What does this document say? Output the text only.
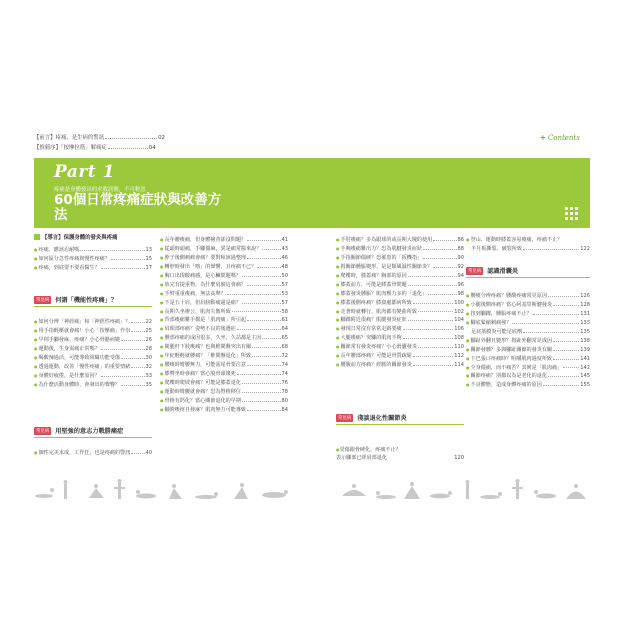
【前言】疼痛，是生病的警訊	02
【推薦序】「按摩拉筋」解痛症	04
+ Contents
Part 1
疼痛是身體發出的求救訊號，不可輕忽
60個日常疼痛症狀與改善方法
【導言】保護身體的發炎與疼痛
● 疼痛，應該忍耐嗎	13
● 如何區分急性疼痛與慢性疼痛？	15
● 疼痛，到底要不要看醫生？	17
常見病 何謂「機能性疼痛」？
● 如何分辨「神經痛」和「神經性疼痛」？	22
● 用手指輕壓就會痛！小心「按壓痛」作祟	25
● 早則手腳發麻，疼痛？小心骨骼病變	26
● 運動後，生身需痛正常嗎？	28
● 喝酸辣過活，可能導致組織功能受傷	30
● 透過運動，改善「慢性疼痛」的重要情緒	32
● 身體好疲倦，是什麼原因？	33
● 為什麼活動身體時，會發出的聲響？	35
常見病 用堅強的意志力戰勝痛症
● 個性完美求成，工作狂，也是疼痛的警訊	40
● 長年腰痠痛，但身體檢查卻沒問題？	41
● 從頭時頭痛，手腳僵麻，異是痛常醫來說？	43
● 脖子後側刺痛會痛？要對和該過整理	46
● 轉脖時發出「喀」的聲響，且疼痛不已？	48
● 胸口出現酸痛感，是心臟問題嗎？	50
● 放完有提重物，為什麼肩膀這會痛？	57
● 手臂重重痠痛，無法高舉？	53
● 不是五十肩，但肩膀動痛還是痛？	57
● 長期久坐辦公，肌肉失衡所致	58
● 背部痠痛難手都是「肌肉痛」所引起	61
● 肩頸部疼痛？姿勢不良的後遺症	64
● 腰部疼痛的成因很多，久坐、久站都是主因	65
● 間腿杆下肢痠痛？也與椎間盤突出有關	68
● 年紀輕輕就腰痛？「椎間盤退化」所致	72
● 腰痠時彎腰無力，可能需尾骨要注意	74
● 膝臀坐時會痛？當心股骨頭壞死	74
● 爬樓時爬坡會痛？可能是膝蓋退化	76
● 運動時彎腰就會痛？恐為脊椎移位	78
● 骨椎有鈣化？當心關節退化的早期	80
● 腳胯痠疼且發麻？肌肉無力可能導致	84
● 手肘痠痛？多為跟球的或長期大塊的使用	86
● 手腕痠痛難出力？恐為肌腱發炎症狀	88
● 手指關節僵硬？恐罹患的「扳機指」	90
● 拇關節腫脹變形，是是類風濕性關節炎？	92
● 爬樓時，膝蓋痛？胸部的原因	94
● 膝蓋前方，可能是膝蓋骨問題	96
● 膝蓋發炎腫脹？肌肉壓力多的「退化」	98
● 膝蓋後側疼痛？膝窩處都病所致	100
● 走著時就轉行，肌肉都有變曲所致	102
● 腳踝附近很痛？肌腱發炎症狀	104
● 發現日常沒有常常走路要痛	106
● 大腿痠痛？突腳的肌肉不夠	108
● 關節常有發炎疼痛？小心滑囊發炎	110
● 長年腰部疼痛？可能是骨質疏鬆	112
● 腰腹前方疼痛？經脈的關節發炎	114
常見病 淺談退化性關節炎

●受傷跟骨硬化，疼痛不止？
表示腳部已經肩部退化	120

● 登山、運動時膝蓋容易痠痛，疼痛不止？
半月板撕裂、破裂所致	122
常見病 認識滑囊炎
● 腰痠分辨疼痛？腰酸疼痛常見原因	126
● 小腿後側疼痛？當心阿基里斯腱發炎	128
● 扭到腳踝，腫脹疼痛不止？	131
● 腳底緊縮刺痛發？	133
足底筋膜炎可能足底劑	135
● 腳趾外翻且變形？拇趾外翻常見成因	138
● 關節發腫？多與腳趾關節的發炎有關	139
● 下巴張口疼痛時？咀嚼肌肉過度所致	141
● 全身僵痛，而不痛苦？其實是「肌肉痛」	142
● 關節疼痛？別都以為是老化的退化	145
● 不良體態，造成身體疼痛的原因	155
